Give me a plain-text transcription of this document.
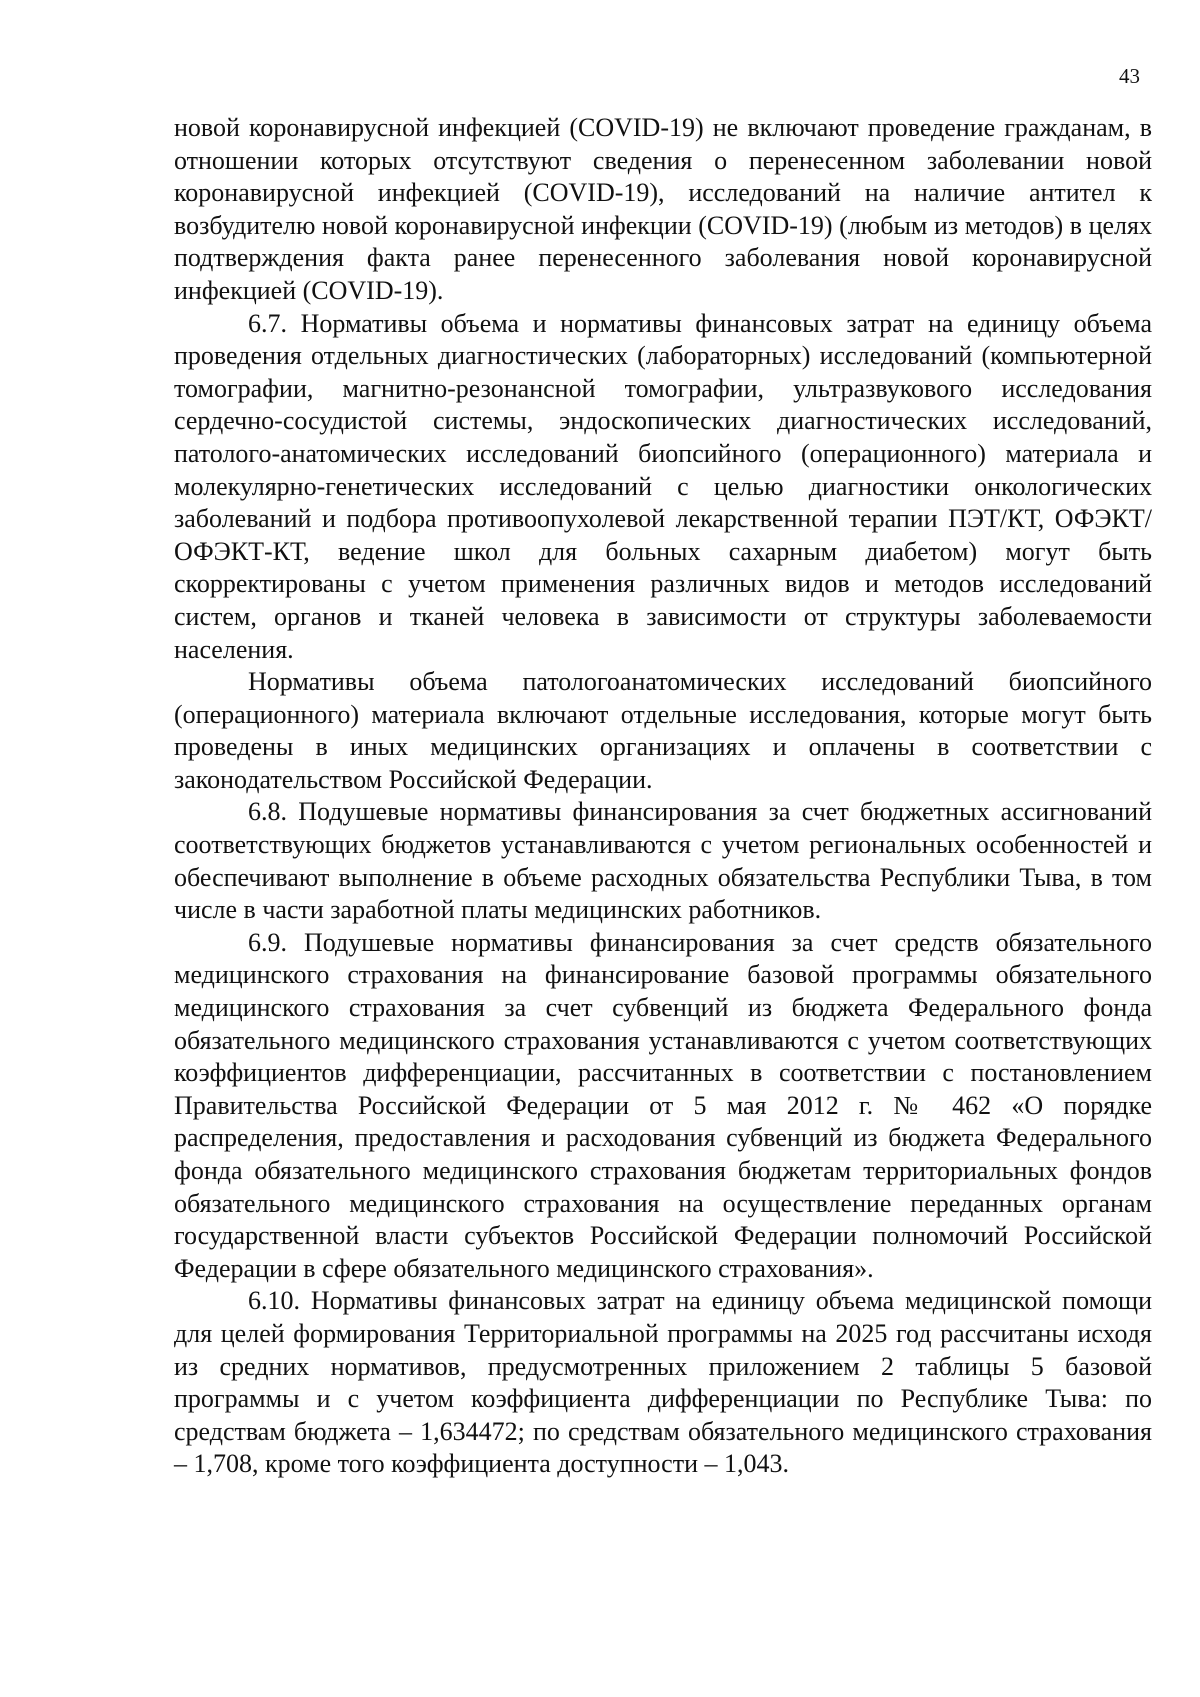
43

новой коронавирусной инфекцией (COVID-19) не включают проведение гражданам, в отношении которых отсутствуют сведения о перенесенном заболевании новой коронавирусной инфекцией (COVID-19), исследований на наличие антител к возбудителю новой коронавирусной инфекции (COVID-19) (любым из методов) в целях подтверждения факта ранее перенесенного заболевания новой коронавирусной инфекцией (COVID-19).

6.7. Нормативы объема и нормативы финансовых затрат на единицу объема проведения отдельных диагностических (лабораторных) исследований (компьютерной томографии, магнитно-резонансной томографии, ультразвукового исследования сердечно-сосудистой системы, эндоскопических диагностических исследований, патолого-анатомических исследований биопсийного (операционного) материала и молекулярно-генетических исследований с целью диагностики онкологических заболеваний и подбора противоопухолевой лекарственной терапии ПЭТ/КТ, ОФЭКТ/ОФЭКТ-КТ, ведение школ для больных сахарным диабетом) могут быть скорректированы с учетом применения различных видов и методов исследований систем, органов и тканей человека в зависимости от структуры заболеваемости населения.

Нормативы объема патологоанатомических исследований биопсийного (операционного) материала включают отдельные исследования, которые могут быть проведены в иных медицинских организациях и оплачены в соответствии с законодательством Российской Федерации.

6.8. Подушевые нормативы финансирования за счет бюджетных ассигнований соответствующих бюджетов устанавливаются с учетом региональных особенностей и обеспечивают выполнение в объеме расходных обязательства Республики Тыва, в том числе в части заработной платы медицинских работников.

6.9. Подушевые нормативы финансирования за счет средств обязательного медицинского страхования на финансирование базовой программы обязательного медицинского страхования за счет субвенций из бюджета Федерального фонда обязательного медицинского страхования устанавливаются с учетом соответствующих коэффициентов дифференциации, рассчитанных в соответствии с постановлением Правительства Российской Федерации от 5 мая 2012 г. № 462 «О порядке распределения, предоставления и расходования субвенций из бюджета Федерального фонда обязательного медицинского страхования бюджетам территориальных фондов обязательного медицинского страхования на осуществление переданных органам государственной власти субъектов Российской Федерации полномочий Российской Федерации в сфере обязательного медицинского страхования».

6.10. Нормативы финансовых затрат на единицу объема медицинской помощи для целей формирования Территориальной программы на 2025 год рассчитаны исходя из средних нормативов, предусмотренных приложением 2 таблицы 5 базовой программы и с учетом коэффициента дифференциации по Республике Тыва: по средствам бюджета – 1,634472; по средствам обязательного медицинского страхования – 1,708, кроме того коэффициента доступности – 1,043.
